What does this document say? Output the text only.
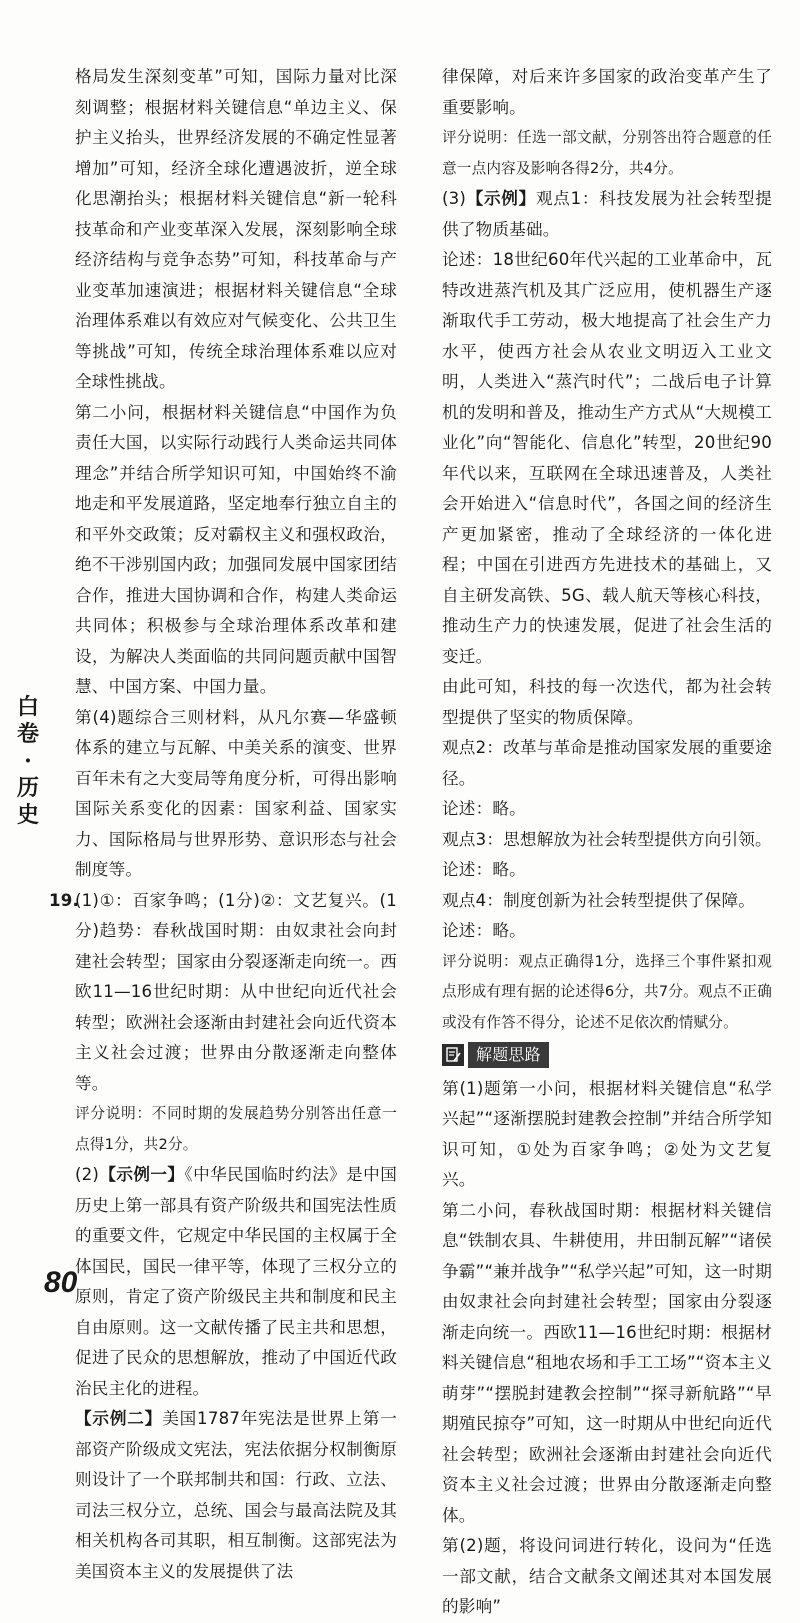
格局发生深刻变革”可知，国际力量对比深刻调整；根据材料关键信息“单边主义、保护主义抬头，世界经济发展的不确定性显著增加”可知，经济全球化遭遇波折，逆全球化思潮抬头；根据材料关键信息“新一轮科技革命和产业变革深入发展，深刻影响全球经济结构与竞争态势”可知，科技革命与产业变革加速演进；根据材料关键信息“全球治理体系难以有效应对气候变化、公共卫生等挑战”可知，传统全球治理体系难以应对全球性挑战。

第二小问，根据材料关键信息“中国作为负责任大国，以实际行动践行人类命运共同体理念”并结合所学知识可知，中国始终不渝地走和平发展道路，坚定地奉行独立自主的和平外交政策；反对霸权主义和强权政治，绝不干涉别国内政；加强同发展中国家团结合作，推进大国协调和合作，构建人类命运共同体；积极参与全球治理体系改革和建设，为解决人类面临的共同问题贡献中国智慧、中国方案、中国力量。

第(4)题综合三则材料，从凡尔赛—华盛顿体系的建立与瓦解、中美关系的演变、世界百年未有之大变局等角度分析，可得出影响国际关系变化的因素：国家利益、国家实力、国际格局与世界形势、意识形态与社会制度等。

19.
(1)①：百家争鸣；(1分)②：文艺复兴。(1分)趋势：春秋战国时期：由奴隶社会向封建社会转型；国家由分裂逐渐走向统一。西欧11—16世纪时期：从中世纪向近代社会转型；欧洲社会逐渐由封建社会向近代资本主义社会过渡；世界由分散逐渐走向整体等。

评分说明：不同时期的发展趋势分别答出任意一点得1分，共2分。

(2)【示例一】《中华民国临时约法》是中国历史上第一部具有资产阶级共和国宪法性质的重要文件，它规定中华民国的主权属于全体国民，国民一律平等，体现了三权分立的原则，肯定了资产阶级民主共和制度和民主自由原则。这一文献传播了民主共和思想，促进了民众的思想解放，推动了中国近代政治民主化的进程。

【示例二】美国1787年宪法是世界上第一部资产阶级成文宪法，宪法依据分权制衡原则设计了一个联邦制共和国：行政、立法、司法三权分立，总统、国会与最高法院及其相关机构各司其职，相互制衡。这部宪法为美国资本主义的发展提供了法

律保障，对后来许多国家的政治变革产生了重要影响。

评分说明：任选一部文献，分别答出符合题意的任意一点内容及影响各得2分，共4分。

(3)【示例】观点1：科技发展为社会转型提供了物质基础。

论述：18世纪60年代兴起的工业革命中，瓦特改进蒸汽机及其广泛应用，使机器生产逐渐取代手工劳动，极大地提高了社会生产力水平，使西方社会从农业文明迈入工业文明，人类进入“蒸汽时代”；二战后电子计算机的发明和普及，推动生产方式从“大规模工业化”向“智能化、信息化”转型，20世纪90年代以来，互联网在全球迅速普及，人类社会开始进入“信息时代”，各国之间的经济生产更加紧密，推动了全球经济的一体化进程；中国在引进西方先进技术的基础上，又自主研发高铁、5G、载人航天等核心科技，推动生产力的快速发展，促进了社会生活的变迁。

由此可知，科技的每一次迭代，都为社会转型提供了坚实的物质保障。

观点2：改革与革命是推动国家发展的重要途径。

论述：略。

观点3：思想解放为社会转型提供方向引领。

论述：略。

观点4：制度创新为社会转型提供了保障。

论述：略。

评分说明：观点正确得1分，选择三个事件紧扣观点形成有理有据的论述得6分，共7分。观点不正确或没有作答不得分，论述不足依次酌情赋分。

解题思路

第(1)题第一小问，根据材料关键信息“私学兴起”“逐渐摆脱封建教会控制”并结合所学知识可知，①处为百家争鸣；②处为文艺复兴。

第二小问，春秋战国时期：根据材料关键信息“铁制农具、牛耕使用，井田制瓦解”“诸侯争霸”“兼并战争”“私学兴起”可知，这一时期由奴隶社会向封建社会转型；国家由分裂逐渐走向统一。西欧11—16世纪时期：根据材料关键信息“租地农场和手工工场”“资本主义萌芽”“摆脱封建教会控制”“探寻新航路”“早期殖民掠夺”可知，这一时期从中世纪向近代社会转型；欧洲社会逐渐由封建社会向近代资本主义社会过渡；世界由分散逐渐走向整体。

第(2)题，将设问词进行转化，设问为“任选一部文献，结合文献条文阐述其对本国发展的影响”

白
卷
·
历
史
80
